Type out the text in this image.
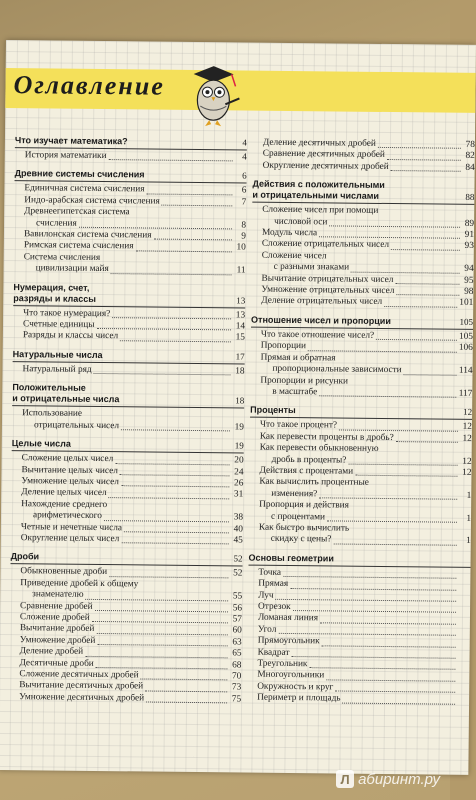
Оглавление
Что изучает математика?	4
История математики	4
Древние системы счисления	6
Единичная система счисления	6
Индо-арабская система счисления	7
Древнеегипетская система
счисления	8
Вавилонская система счисления	9
Римская система счисления	10
Система счисления
цивилизации майя	11
Нумерация, счет,
разряды и классы	13
Что такое нумерация?	13
Счетные единицы	14
Разряды и классы чисел	15
Натуральные числа	17
Натуральный ряд	18
Положительные
и отрицательные числа	18
Использование
отрицательных чисел	19
Целые числа	19
Сложение целых чисел	20
Вычитание целых чисел	24
Умножение целых чисел	26
Деление целых чисел	31
Нахождение среднего
арифметического	38
Четные и нечетные числа	40
Округление целых чисел	45
Дроби	52
Обыкновенные дроби	52
Приведение дробей к общему
знаменателю	55
Сравнение дробей	56
Сложение дробей	57
Вычитание дробей	60
Умножение дробей	63
Деление дробей	65
Десятичные дроби	68
Сложение десятичных дробей	70
Вычитание десятичных дробей	73
Умножение десятичных дробей	75
Деление десятичных дробей	78
Сравнение десятичных дробей	82
Округление десятичных дробей	84
Действия с положительными
и отрицательными числами	88
Сложение чисел при помощи
числовой оси	89
Модуль числа	91
Сложение отрицательных чисел	93
Сложение чисел
с разными знаками	94
Вычитание отрицательных чисел	95
Умножение отрицательных чисел	98
Деление отрицательных чисел	101
Отношение чисел и пропорции	105
Что такое отношение чисел?	105
Пропорции	106
Прямая и обратная
пропорциональные зависимости	114
Пропорции и рисунки
в масштабе	117
Проценты	12
Что такое процент?	12
Как перевести проценты в дробь?	12
Как перевести обыкновенную
дробь в проценты?	12
Действия с процентами	12
Как вычислить процентные
изменения?	1
Пропорция и действия
с процентами	1
Как быстро вычислить
скидку с цены?	1
Основы геометрии
Точка
Прямая
Луч
Отрезок
Ломаная линия
Угол
Прямоугольник
Квадрат
Треугольник
Многоугольники
Окружность и круг
Периметр и площадь
Л абиринт.ру
